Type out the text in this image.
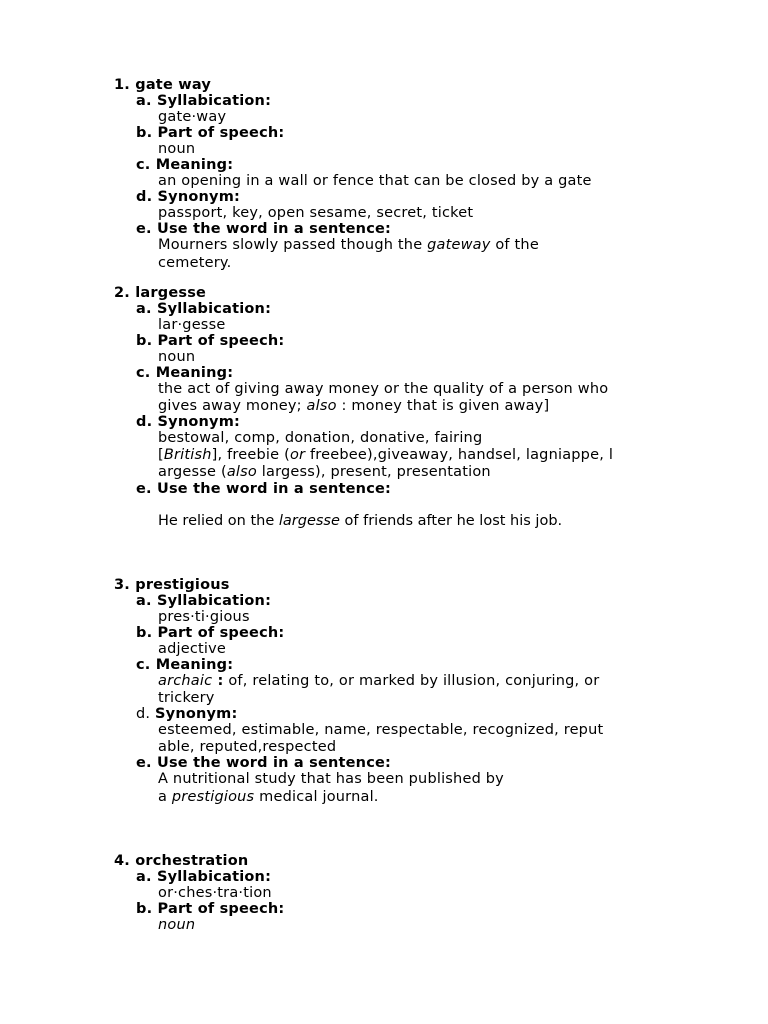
1. gate way
a. Syllabication:
gate·way
b. Part of speech:
noun
c. Meaning:
an opening in a wall or fence that can be closed by a gate
d. Synonym:
passport, key, open sesame, secret, ticket
e. Use the word in a sentence:
Mourners slowly passed though the gateway of the
cemetery.
2. largesse
a. Syllabication:
lar·gesse
b. Part of speech:
noun
c. Meaning:
the act of giving away money or the quality of a person who
gives away money; also : money that is given away]
d. Synonym:
bestowal, comp, donation, donative, fairing
[British], freebie (or freebee),giveaway, handsel, lagniappe, l
argesse (also largess), present, presentation
e. Use the word in a sentence:
He relied on the largesse of friends after he lost his job.
3. prestigious
a. Syllabication:
pres·ti·gious
b. Part of speech:
adjective
c. Meaning:
archaic : of, relating to, or marked by illusion, conjuring, or
trickery
d. Synonym:
esteemed, estimable, name, respectable, recognized, reput
able, reputed,respected
e. Use the word in a sentence:
A nutritional study that has been published by
a prestigious medical journal.
4. orchestration
a. Syllabication:
or·ches·tra·tion
b. Part of speech:
noun
